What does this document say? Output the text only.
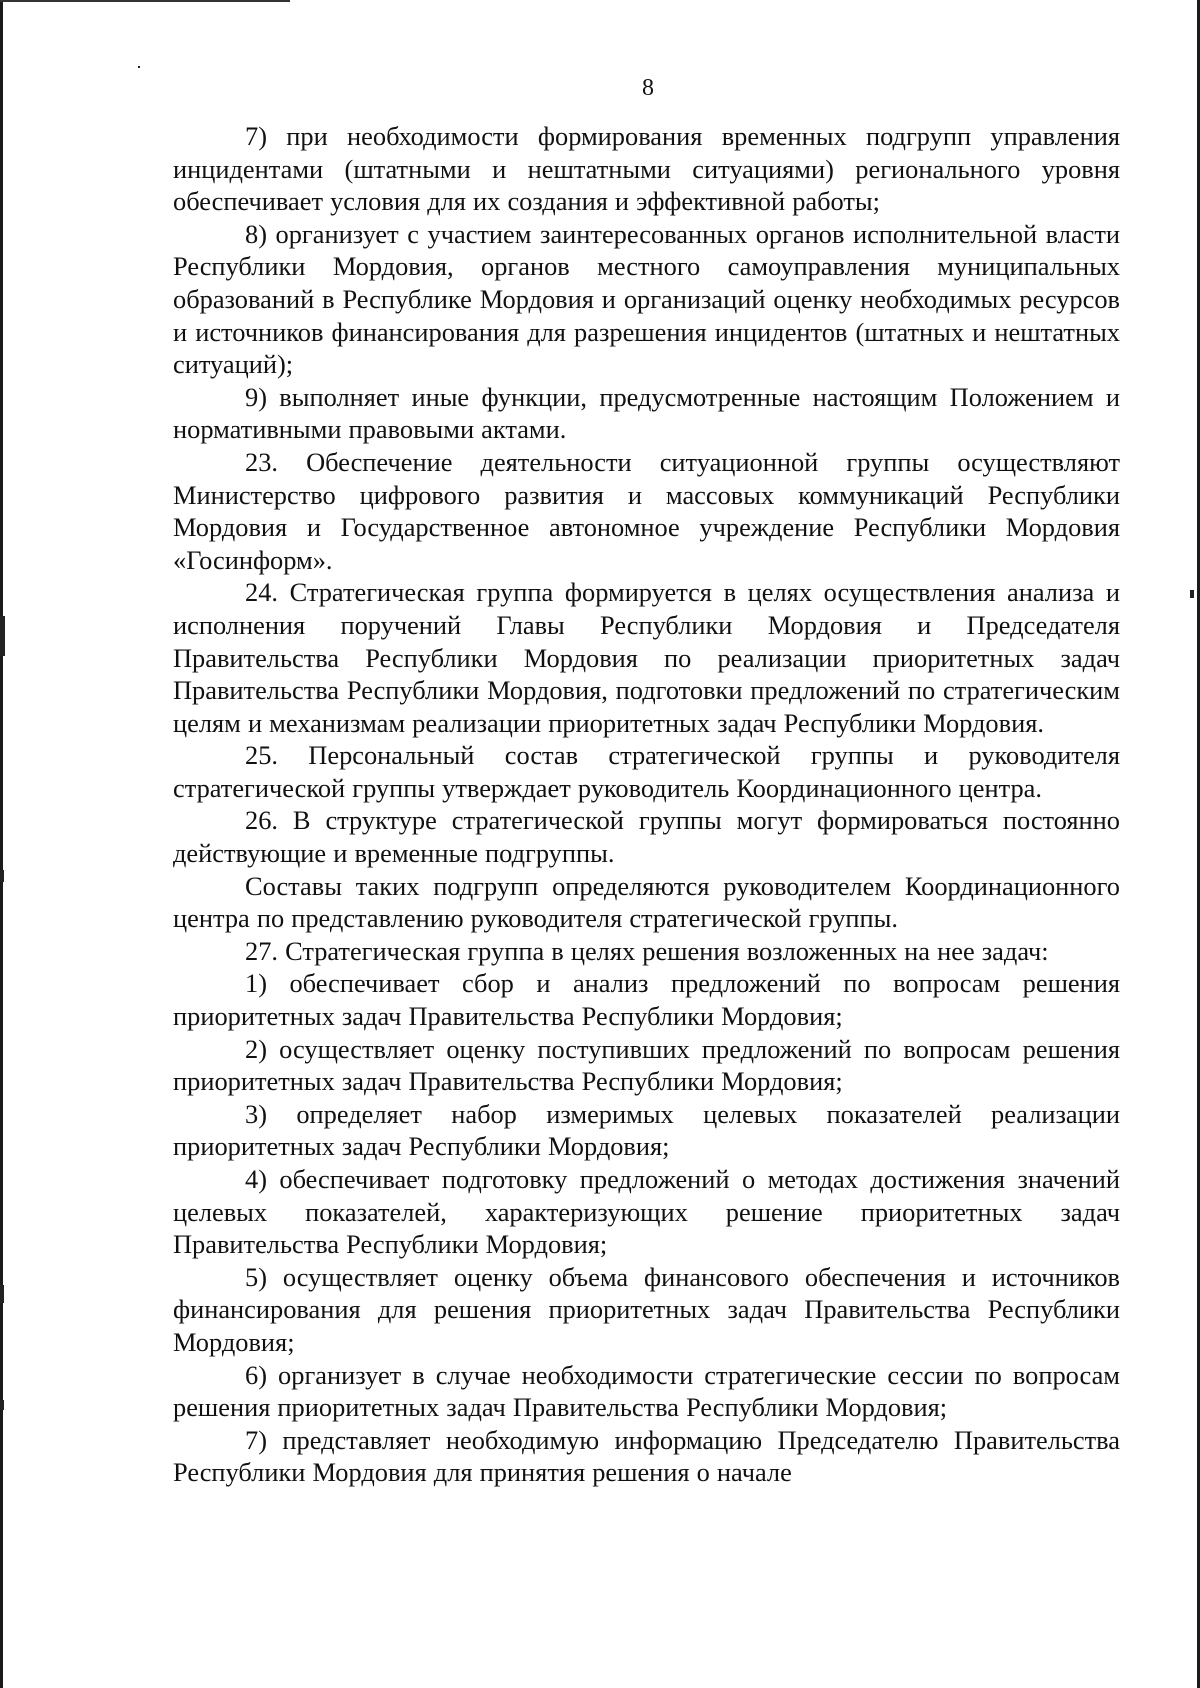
8

7) при необходимости формирования временных подгрупп управления инцидентами (штатными и нештатными ситуациями) регионального уровня обеспечивает условия для их создания и эффективной работы;

8) организует с участием заинтересованных органов исполнительной власти Республики Мордовия, органов местного самоуправления муниципальных образований в Республике Мордовия и организаций оценку необходимых ресурсов и источников финансирования для разрешения инцидентов (штатных и нештатных ситуаций);

9) выполняет иные функции, предусмотренные настоящим Положением и нормативными правовыми актами.

23. Обеспечение деятельности ситуационной группы осуществляют Министерство цифрового развития и массовых коммуникаций Республики Мордовия и Государственное автономное учреждение Республики Мордовия «Госинформ».

24. Стратегическая группа формируется в целях осуществления анализа и исполнения поручений Главы Республики Мордовия и Председателя Правительства Республики Мордовия по реализации приоритетных задач Правительства Республики Мордовия, подготовки предложений по стратегическим целям и механизмам реализации приоритетных задач Республики Мордовия.

25. Персональный состав стратегической группы и руководителя стратегической группы утверждает руководитель Координационного центра.

26. В структуре стратегической группы могут формироваться постоянно действующие и временные подгруппы.

Составы таких подгрупп определяются руководителем Координационного центра по представлению руководителя стратегической группы.

27. Стратегическая группа в целях решения возложенных на нее задач:

1) обеспечивает сбор и анализ предложений по вопросам решения приоритетных задач Правительства Республики Мордовия;

2) осуществляет оценку поступивших предложений по вопросам решения приоритетных задач Правительства Республики Мордовия;

3) определяет набор измеримых целевых показателей реализации приоритетных задач Республики Мордовия;

4) обеспечивает подготовку предложений о методах достижения значений целевых показателей, характеризующих решение приоритетных задач Правительства Республики Мордовия;

5) осуществляет оценку объема финансового обеспечения и источников финансирования для решения приоритетных задач Правительства Республики Мордовия;

6) организует в случае необходимости стратегические сессии по вопросам решения приоритетных задач Правительства Республики Мордовия;

7) представляет необходимую информацию Председателю Правительства Республики Мордовия для принятия решения о начале
